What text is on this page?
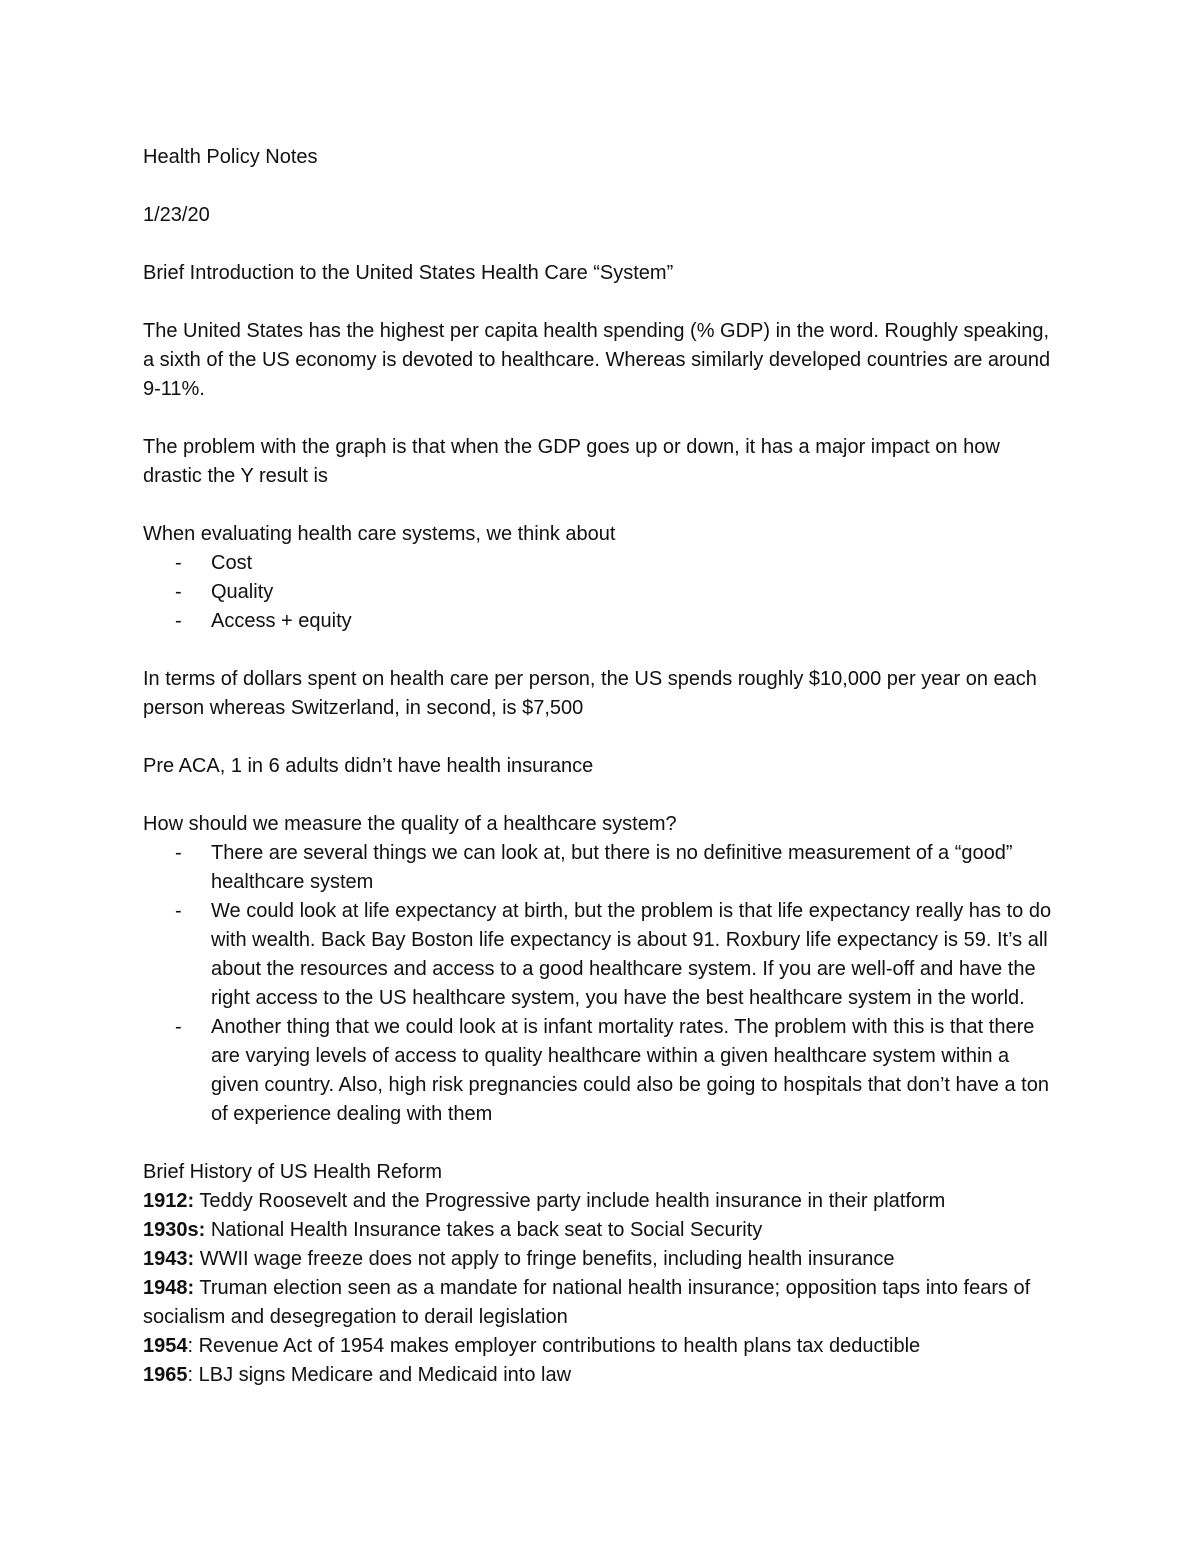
Health Policy Notes

1/23/20

Brief Introduction to the United States Health Care “System”

The United States has the highest per capita health spending (% GDP) in the word. Roughly speaking, a sixth of the US economy is devoted to healthcare. Whereas similarly developed countries are around 9-11%.

The problem with the graph is that when the GDP goes up or down, it has a major impact on how drastic the Y result is

When evaluating health care systems, we think about

- Cost
- Quality
- Access + equity

In terms of dollars spent on health care per person, the US spends roughly $10,000 per year on each person whereas Switzerland, in second, is $7,500

Pre ACA, 1 in 6 adults didn’t have health insurance

How should we measure the quality of a healthcare system?

- There are several things we can look at, but there is no definitive measurement of a “good” healthcare system
- We could look at life expectancy at birth, but the problem is that life expectancy really has to do with wealth. Back Bay Boston life expectancy is about 91. Roxbury life expectancy is 59. It’s all about the resources and access to a good healthcare system. If you are well-off and have the right access to the US healthcare system, you have the best healthcare system in the world.
- Another thing that we could look at is infant mortality rates. The problem with this is that there are varying levels of access to quality healthcare within a given healthcare system within a given country. Also, high risk pregnancies could also be going to hospitals that don’t have a ton of experience dealing with them

Brief History of US Health Reform

1912: Teddy Roosevelt and the Progressive party include health insurance in their platform

1930s: National Health Insurance takes a back seat to Social Security

1943: WWII wage freeze does not apply to fringe benefits, including health insurance

1948: Truman election seen as a mandate for national health insurance; opposition taps into fears of socialism and desegregation to derail legislation

1954: Revenue Act of 1954 makes employer contributions to health plans tax deductible

1965: LBJ signs Medicare and Medicaid into law
